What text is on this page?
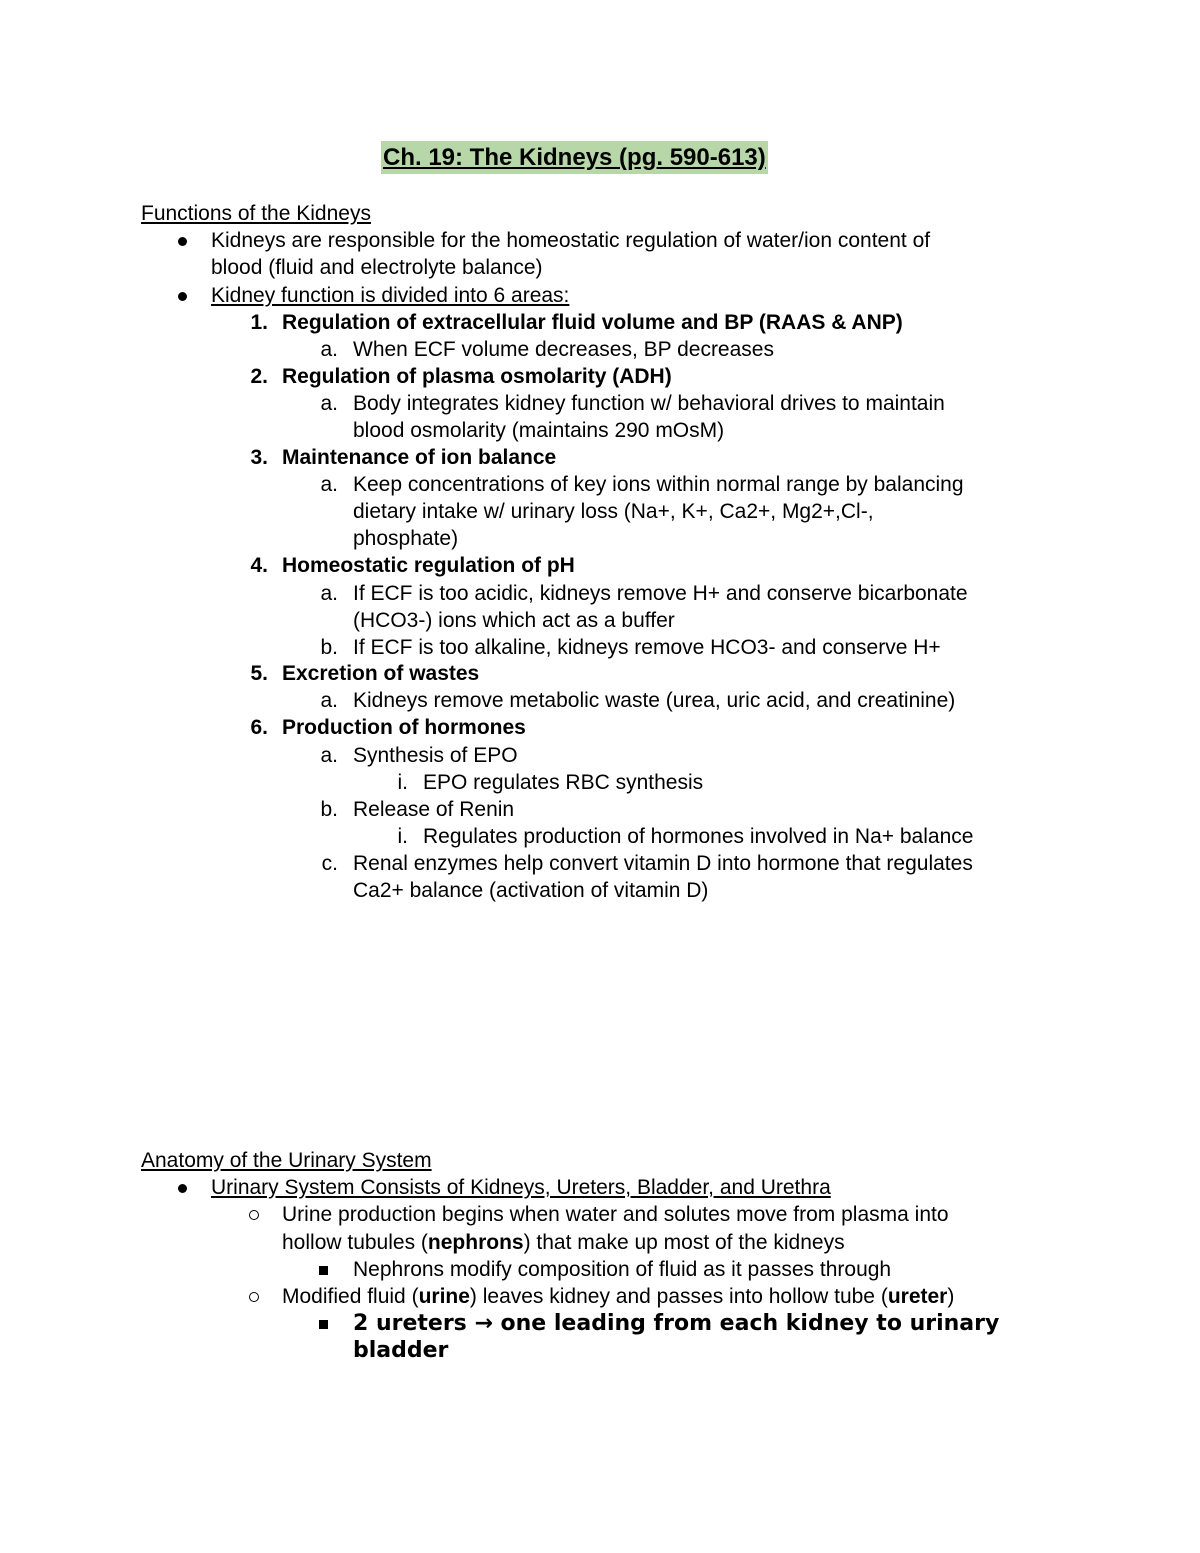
Ch. 19: The Kidneys (pg. 590-613)
Functions of the Kidneys
Kidneys are responsible for the homeostatic regulation of water/ion content of
blood (fluid and electrolyte balance)
Kidney function is divided into 6 areas:
1. Regulation of extracellular fluid volume and BP (RAAS & ANP)
a. When ECF volume decreases, BP decreases
2. Regulation of plasma osmolarity (ADH)
a. Body integrates kidney function w/ behavioral drives to maintain
blood osmolarity (maintains 290 mOsM)
3. Maintenance of ion balance
a. Keep concentrations of key ions within normal range by balancing
dietary intake w/ urinary loss (Na+, K+, Ca2+, Mg2+,Cl-,
phosphate)
4. Homeostatic regulation of pH
a. If ECF is too acidic, kidneys remove H+ and conserve bicarbonate
(HCO3-) ions which act as a buffer
b. If ECF is too alkaline, kidneys remove HCO3- and conserve H+
5. Excretion of wastes
a. Kidneys remove metabolic waste (urea, uric acid, and creatinine)
6. Production of hormones
a. Synthesis of EPO
i. EPO regulates RBC synthesis
b. Release of Renin
i. Regulates production of hormones involved in Na+ balance
c. Renal enzymes help convert vitamin D into hormone that regulates
Ca2+ balance (activation of vitamin D)
Anatomy of the Urinary System
Urinary System Consists of Kidneys, Ureters, Bladder, and Urethra
Urine production begins when water and solutes move from plasma into
hollow tubules (nephrons) that make up most of the kidneys
Nephrons modify composition of fluid as it passes through
Modified fluid (urine) leaves kidney and passes into hollow tube (ureter)
2 ureters → one leading from each kidney to urinary
bladder
